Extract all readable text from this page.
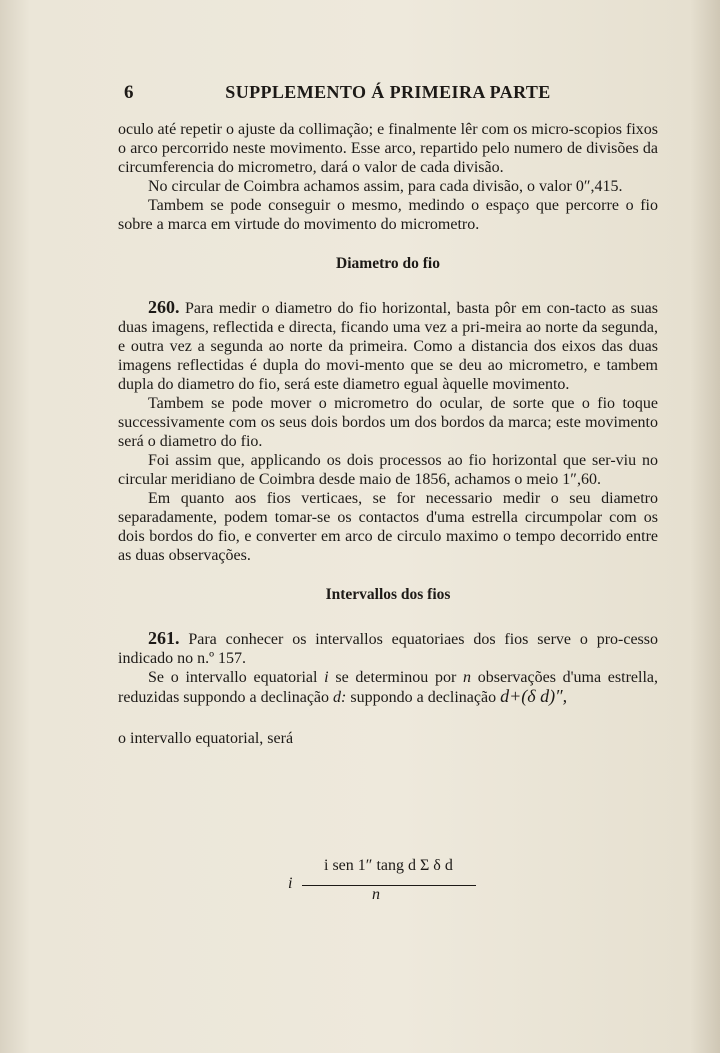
6	SUPPLEMENTO Á PRIMEIRA PARTE

oculo até repetir o ajuste da collimação; e finalmente lêr com os micro-scopios fixos o arco percorrido neste movimento. Esse arco, repartido pelo numero de divisões da circumferencia do micrometro, dará o valor de cada divisão.

No circular de Coimbra achamos assim, para cada divisão, o valor 0″,415.

Tambem se pode conseguir o mesmo, medindo o espaço que percorre o fio sobre a marca em virtude do movimento do micrometro.

Diametro do fio

260. Para medir o diametro do fio horizontal, basta pôr em con-tacto as suas duas imagens, reflectida e directa, ficando uma vez a pri-meira ao norte da segunda, e outra vez a segunda ao norte da primeira. Como a distancia dos eixos das duas imagens reflectidas é dupla do movi-mento que se deu ao micrometro, e tambem dupla do diametro do fio, será este diametro egual àquelle movimento.

Tambem se pode mover o micrometro do ocular, de sorte que o fio toque successivamente com os seus dois bordos um dos bordos da marca; este movimento será o diametro do fio.

Foi assim que, applicando os dois processos ao fio horizontal que ser-viu no circular meridiano de Coimbra desde maio de 1856, achamos o meio 1″,60.

Em quanto aos fios verticaes, se for necessario medir o seu diametro separadamente, podem tomar-se os contactos d'uma estrella circumpolar com os dois bordos do fio, e converter em arco de circulo maximo o tempo decorrido entre as duas observações.

Intervallos dos fios

261. Para conhecer os intervallos equatoriaes dos fios serve o pro-cesso indicado no n.º 157.

Se o intervallo equatorial i se determinou por n observações d'uma estrella, reduzidas suppondo a declinação d: suppondo a declinação d+(δ d)″,

o intervallo equatorial, será

i
i sen 1″ tang d Σ δ d
n
